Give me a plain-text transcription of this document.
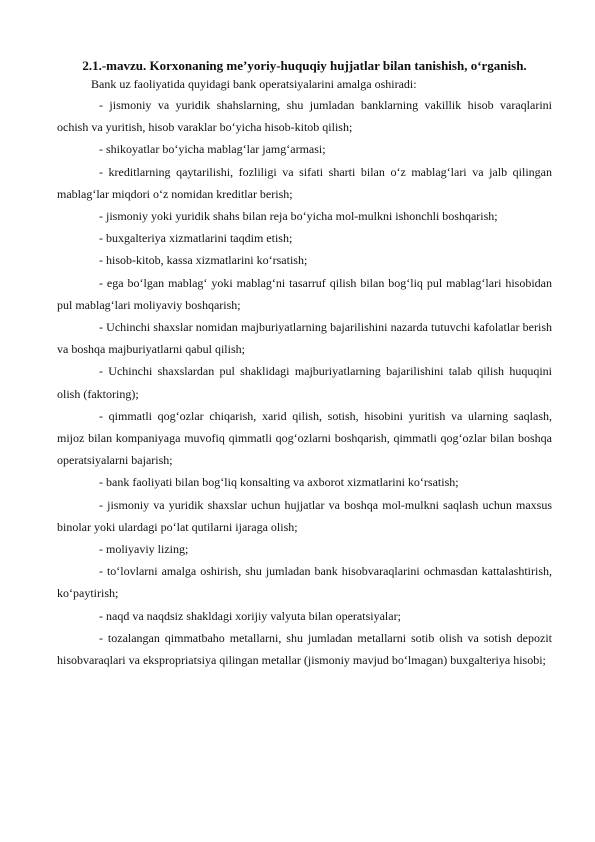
2.1.-mavzu. Korxonaning me’yoriy-huquqiy hujjatlar bilan tanishish, o‘rganish.

Bank uz faoliyatida quyidagi bank operatsiyalarini amalga oshiradi:

- jismoniy va yuridik shahslarning, shu jumladan banklarning vakillik hisob varaqlarini ochish va yuritish, hisob varaklar bo‘yicha hisob-kitob qilish;

- shikoyatlar bo‘yicha mablag‘lar jamg‘armasi;

- kreditlarning qaytarilishi, fozliligi va sifati sharti bilan o‘z mablag‘lari va jalb qilingan mablag‘lar miqdori o‘z nomidan kreditlar berish;

- jismoniy yoki yuridik shahs bilan reja bo‘yicha mol-mulkni ishonchli boshqarish;

- buxgalteriya xizmatlarini taqdim etish;

- hisob-kitob, kassa xizmatlarini ko‘rsatish;

- ega bo‘lgan mablag‘ yoki mablag‘ni tasarruf qilish bilan bog‘liq pul mablag‘lari hisobidan pul mablag‘lari moliyaviy boshqarish;

- Uchinchi shaxslar nomidan majburiyatlarning bajarilishini nazarda tutuvchi kafolatlar berish va boshqa majburiyatlarni qabul qilish;

- Uchinchi shaxslardan pul shaklidagi majburiyatlarning bajarilishini talab qilish huquqini olish (faktoring);

- qimmatli qog‘ozlar chiqarish, xarid qilish, sotish, hisobini yuritish va ularning saqlash, mijoz bilan kompaniyaga muvofiq qimmatli qog‘ozlarni boshqarish, qimmatli qog‘ozlar bilan boshqa operatsiyalarni bajarish;

- bank faoliyati bilan bog‘liq konsalting va axborot xizmatlarini ko‘rsatish;

- jismoniy va yuridik shaxslar uchun hujjatlar va boshqa mol-mulkni saqlash uchun maxsus binolar yoki ulardagi po‘lat qutilarni ijaraga olish;

- moliyaviy lizing;

- to‘lovlarni amalga oshirish, shu jumladan bank hisobvaraqlarini ochmasdan kattalashtirish, ko‘paytirish;

- naqd va naqdsiz shakldagi xorijiy valyuta bilan operatsiyalar;

- tozalangan qimmatbaho metallarni, shu jumladan metallarni sotib olish va sotish depozit hisobvaraqlari va ekspropriatsiya qilingan metallar (jismoniy mavjud bo‘lmagan) buxgalteriya hisobi;
